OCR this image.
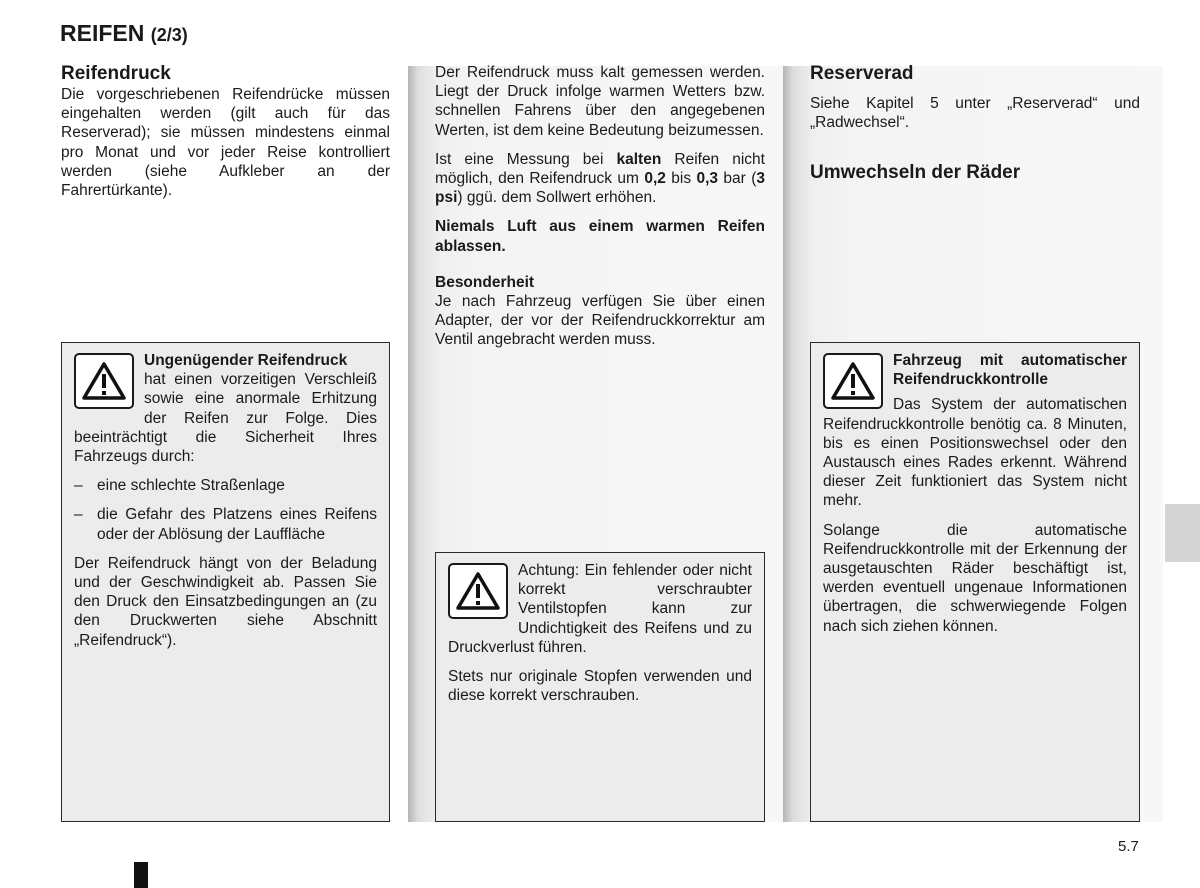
REIFEN (2/3)
Reifendruck

Die vorgeschriebenen Reifendrücke müssen eingehalten werden (gilt auch für das Reserverad); sie müssen mindestens einmal pro Monat und vor jeder Reise kontrolliert werden (siehe Aufkleber an der Fahrertürkante).

Ungenügender Reifendruck

hat einen vorzeitigen Verschleiß sowie eine anormale Erhitzung der Reifen zur Folge. Dies beeinträchtigt die Sicherheit Ihres Fahrzeugs durch:

– eine schlechte Straßenlage

– die Gefahr des Platzens eines Reifens oder der Ablösung der Lauffläche

Der Reifendruck hängt von der Beladung und der Geschwindigkeit ab. Passen Sie den Druck den Einsatzbedingungen an (zu den Druckwerten siehe Abschnitt „Reifendruck“).

Der Reifendruck muss kalt gemessen werden. Liegt der Druck infolge warmen Wetters bzw. schnellen Fahrens über den angegebenen Werten, ist dem keine Bedeutung beizumessen.

Ist eine Messung bei kalten Reifen nicht möglich, den Reifendruck um 0,2 bis 0,3 bar (3 psi) ggü. dem Sollwert erhöhen.

Niemals Luft aus einem warmen Reifen ablassen.

Besonderheit

Je nach Fahrzeug verfügen Sie über einen Adapter, der vor der Reifendruckkorrektur am Ventil angebracht werden muss.

Achtung: Ein fehlender oder nicht korrekt verschraubter Ventilstopfen kann zur Undichtigkeit des Reifens und zu Druckverlust führen.

Stets nur originale Stopfen verwenden und diese korrekt verschrauben.

Reserverad

Siehe Kapitel 5 unter „Reserverad“ und „Radwechsel“.

Umwechseln der Räder

Fahrzeug mit automatischer Reifendruckkontrolle

Das System der automatischen Reifendruckkontrolle benötig ca. 8 Minuten, bis es einen Positionswechsel oder den Austausch eines Rades erkennt. Während dieser Zeit funktioniert das System nicht mehr.

Solange die automatische Reifendruckkontrolle mit der Erkennung der ausgetauschten Räder beschäftigt ist, werden eventuell ungenaue Informationen übertragen, die schwerwiegende Folgen nach sich ziehen können.

5.7
